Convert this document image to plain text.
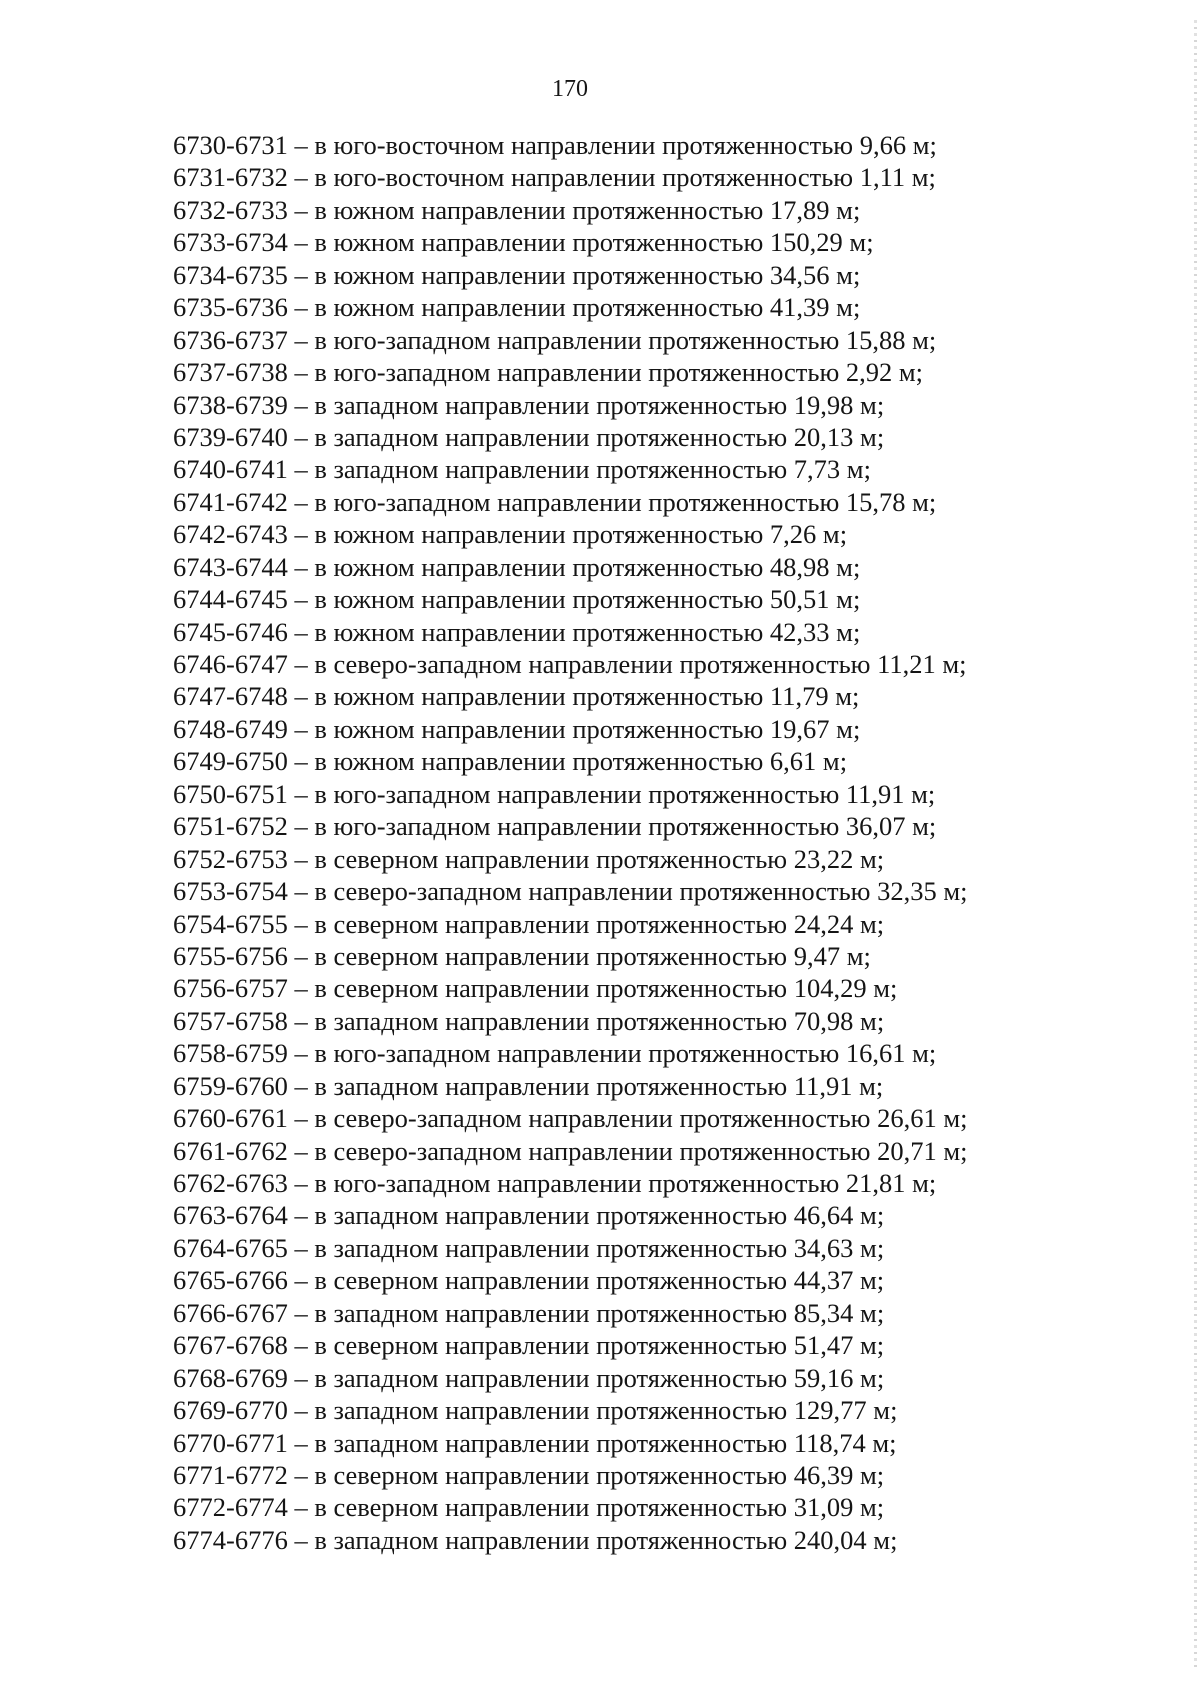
170
6730-6731 – в юго-восточном направлении протяженностью 9,66 м;
6731-6732 – в юго-восточном направлении протяженностью 1,11 м;
6732-6733 – в южном направлении протяженностью 17,89 м;
6733-6734 – в южном направлении протяженностью 150,29 м;
6734-6735 – в южном направлении протяженностью 34,56 м;
6735-6736 – в южном направлении протяженностью 41,39 м;
6736-6737 – в юго-западном направлении протяженностью 15,88 м;
6737-6738 – в юго-западном направлении протяженностью 2,92 м;
6738-6739 – в западном направлении протяженностью 19,98 м;
6739-6740 – в западном направлении протяженностью 20,13 м;
6740-6741 – в западном направлении протяженностью 7,73 м;
6741-6742 – в юго-западном направлении протяженностью 15,78 м;
6742-6743 – в южном направлении протяженностью 7,26 м;
6743-6744 – в южном направлении протяженностью 48,98 м;
6744-6745 – в южном направлении протяженностью 50,51 м;
6745-6746 – в южном направлении протяженностью 42,33 м;
6746-6747 – в северо-западном направлении протяженностью 11,21 м;
6747-6748 – в южном направлении протяженностью 11,79 м;
6748-6749 – в южном направлении протяженностью 19,67 м;
6749-6750 – в южном направлении протяженностью 6,61 м;
6750-6751 – в юго-западном направлении протяженностью 11,91 м;
6751-6752 – в юго-западном направлении протяженностью 36,07 м;
6752-6753 – в северном направлении протяженностью 23,22 м;
6753-6754 – в северо-западном направлении протяженностью 32,35 м;
6754-6755 – в северном направлении протяженностью 24,24 м;
6755-6756 – в северном направлении протяженностью 9,47 м;
6756-6757 – в северном направлении протяженностью 104,29 м;
6757-6758 – в западном направлении протяженностью 70,98 м;
6758-6759 – в юго-западном направлении протяженностью 16,61 м;
6759-6760 – в западном направлении протяженностью 11,91 м;
6760-6761 – в северо-западном направлении протяженностью 26,61 м;
6761-6762 – в северо-западном направлении протяженностью 20,71 м;
6762-6763 – в юго-западном направлении протяженностью 21,81 м;
6763-6764 – в западном направлении протяженностью 46,64 м;
6764-6765 – в западном направлении протяженностью 34,63 м;
6765-6766 – в северном направлении протяженностью 44,37 м;
6766-6767 – в западном направлении протяженностью 85,34 м;
6767-6768 – в северном направлении протяженностью 51,47 м;
6768-6769 – в западном направлении протяженностью 59,16 м;
6769-6770 – в западном направлении протяженностью 129,77 м;
6770-6771 – в западном направлении протяженностью 118,74 м;
6771-6772 – в северном направлении протяженностью 46,39 м;
6772-6774 – в северном направлении протяженностью 31,09 м;
6774-6776 – в западном направлении протяженностью 240,04 м;
